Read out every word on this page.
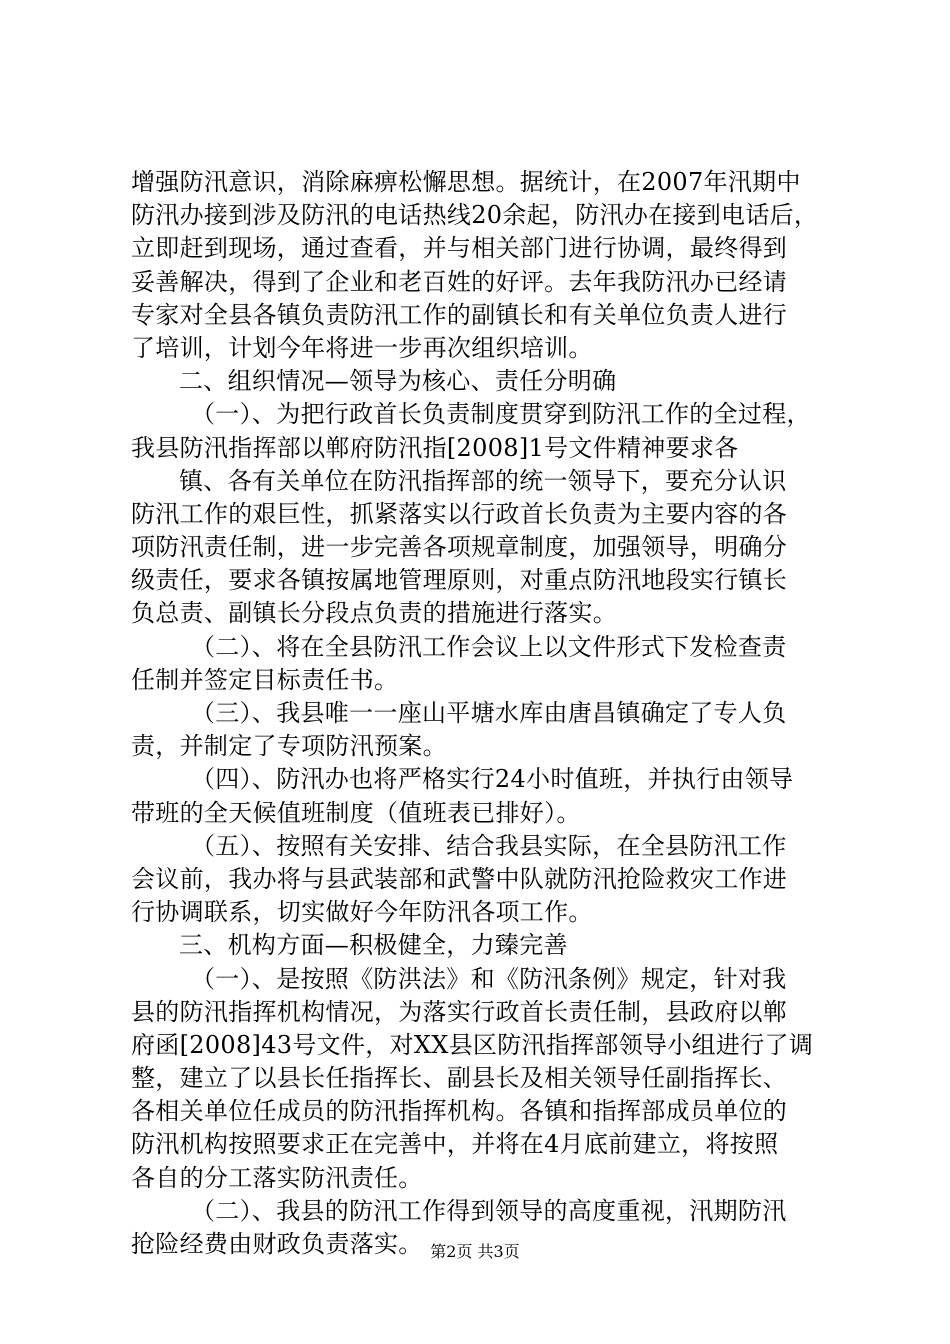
增强防汛意识，消除麻痹松懈思想。据统计，在2007年汛期中
防汛办接到涉及防汛的电话热线20余起，防汛办在接到电话后，
立即赶到现场，通过查看，并与相关部门进行协调，最终得到
妥善解决，得到了企业和老百姓的好评。去年我防汛办已经请
专家对全县各镇负责防汛工作的副镇长和有关单位负责人进行
了培训，计划今年将进一步再次组织培训。
二、组织情况—领导为核心、责任分明确
（一）、为把行政首长负责制度贯穿到防汛工作的全过程，
我县防汛指挥部以郸府防汛指[2008]1号文件精神要求各
镇、各有关单位在防汛指挥部的统一领导下，要充分认识
防汛工作的艰巨性，抓紧落实以行政首长负责为主要内容的各
项防汛责任制，进一步完善各项规章制度，加强领导，明确分
级责任，要求各镇按属地管理原则，对重点防汛地段实行镇长
负总责、副镇长分段点负责的措施进行落实。
（二）、将在全县防汛工作会议上以文件形式下发检查责
任制并签定目标责任书。
（三）、我县唯一一座山平塘水库由唐昌镇确定了专人负
责，并制定了专项防汛预案。
（四）、防汛办也将严格实行24小时值班，并执行由领导
带班的全天候值班制度（值班表已排好）。
（五）、按照有关安排、结合我县实际，在全县防汛工作
会议前，我办将与县武装部和武警中队就防汛抢险救灾工作进
行协调联系，切实做好今年防汛各项工作。
三、机构方面—积极健全，力臻完善
（一）、是按照《防洪法》和《防汛条例》规定，针对我
县的防汛指挥机构情况，为落实行政首长责任制，县政府以郸
府函[2008]43号文件，对XX县区防汛指挥部领导小组进行了调
整，建立了以县长任指挥长、副县长及相关领导任副指挥长、
各相关单位任成员的防汛指挥机构。各镇和指挥部成员单位的
防汛机构按照要求正在完善中，并将在4月底前建立，将按照
各自的分工落实防汛责任。
（二）、我县的防汛工作得到领导的高度重视，汛期防汛
抢险经费由财政负责落实。 第2页 共3页
